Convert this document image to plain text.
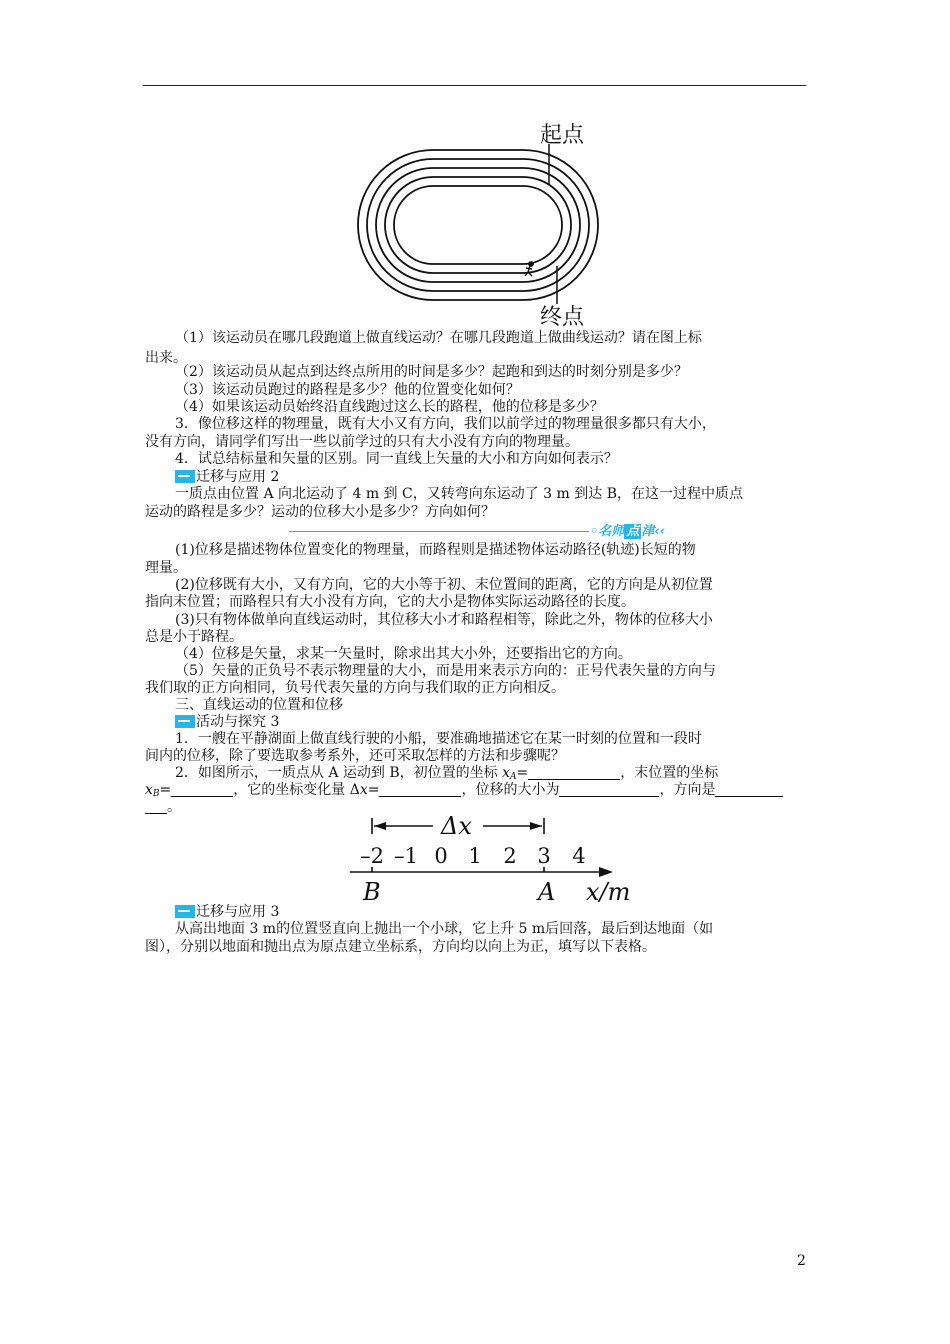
起点
终点
（1）该运动员在哪几段跑道上做直线运动？在哪几段跑道上做曲线运动？请在图上标
出来。
（2）该运动员从起点到达终点所用的时间是多少？起跑和到达的时刻分别是多少？
（3）该运动员跑过的路程是多少？他的位置变化如何？
（4）如果该运动员始终沿直线跑过这么长的路程，他的位移是多少？
3．像位移这样的物理量，既有大小又有方向，我们以前学过的物理量很多都只有大小，
没有方向，请同学们写出一些以前学过的只有大小没有方向的物理量。
4．试总结标量和矢量的区别。同一直线上矢量的大小和方向如何表示？
迁移与应用 2
一质点由位置 A 向北运动了 4 m 到 C，又转弯向东运动了 3 m 到达 B，在这一过程中质点
运动的路程是多少？运动的位移大小是多少？方向如何？
◦名师 点 津‹‹
(1)位移是描述物体位置变化的物理量，而路程则是描述物体运动路径(轨迹)长短的物
理量。
(2)位移既有大小，又有方向，它的大小等于初、末位置间的距离，它的方向是从初位置
指向末位置；而路程只有大小没有方向，它的大小是物体实际运动路径的长度。
(3)只有物体做单向直线运动时，其位移大小才和路程相等，除此之外，物体的位移大小
总是小于路程。
（4）位移是矢量，求某一矢量时，除求出其大小外，还要指出它的方向。
（5）矢量的正负号不表示物理量的大小，而是用来表示方向的：正号代表矢量的方向与
我们取的正方向相同，负号代表矢量的方向与我们取的正方向相反。
三、直线运动的位置和位移
活动与探究 3
1．一艘在平静湖面上做直线行驶的小船，要准确地描述它在某一时刻的位置和一段时
间内的位移，除了要选取参考系外，还可采取怎样的方法和步骤呢？
2．如图所示，一质点从 A 运动到 B，初位置的坐标 $x_A=$	，末位置的坐标
$x_B=$	，它的坐标变化量 Δx=	，位移的大小为	，方向是
。
Δx
–2 –1 0 1 2 3 4
B	A x/m
迁移与应用 3
从高出地面 3 m的位置竖直向上抛出一个小球，它上升 5 m后回落，最后到达地面（如
图），分别以地面和抛出点为原点建立坐标系，方向均以向上为正，填写以下表格。
2
